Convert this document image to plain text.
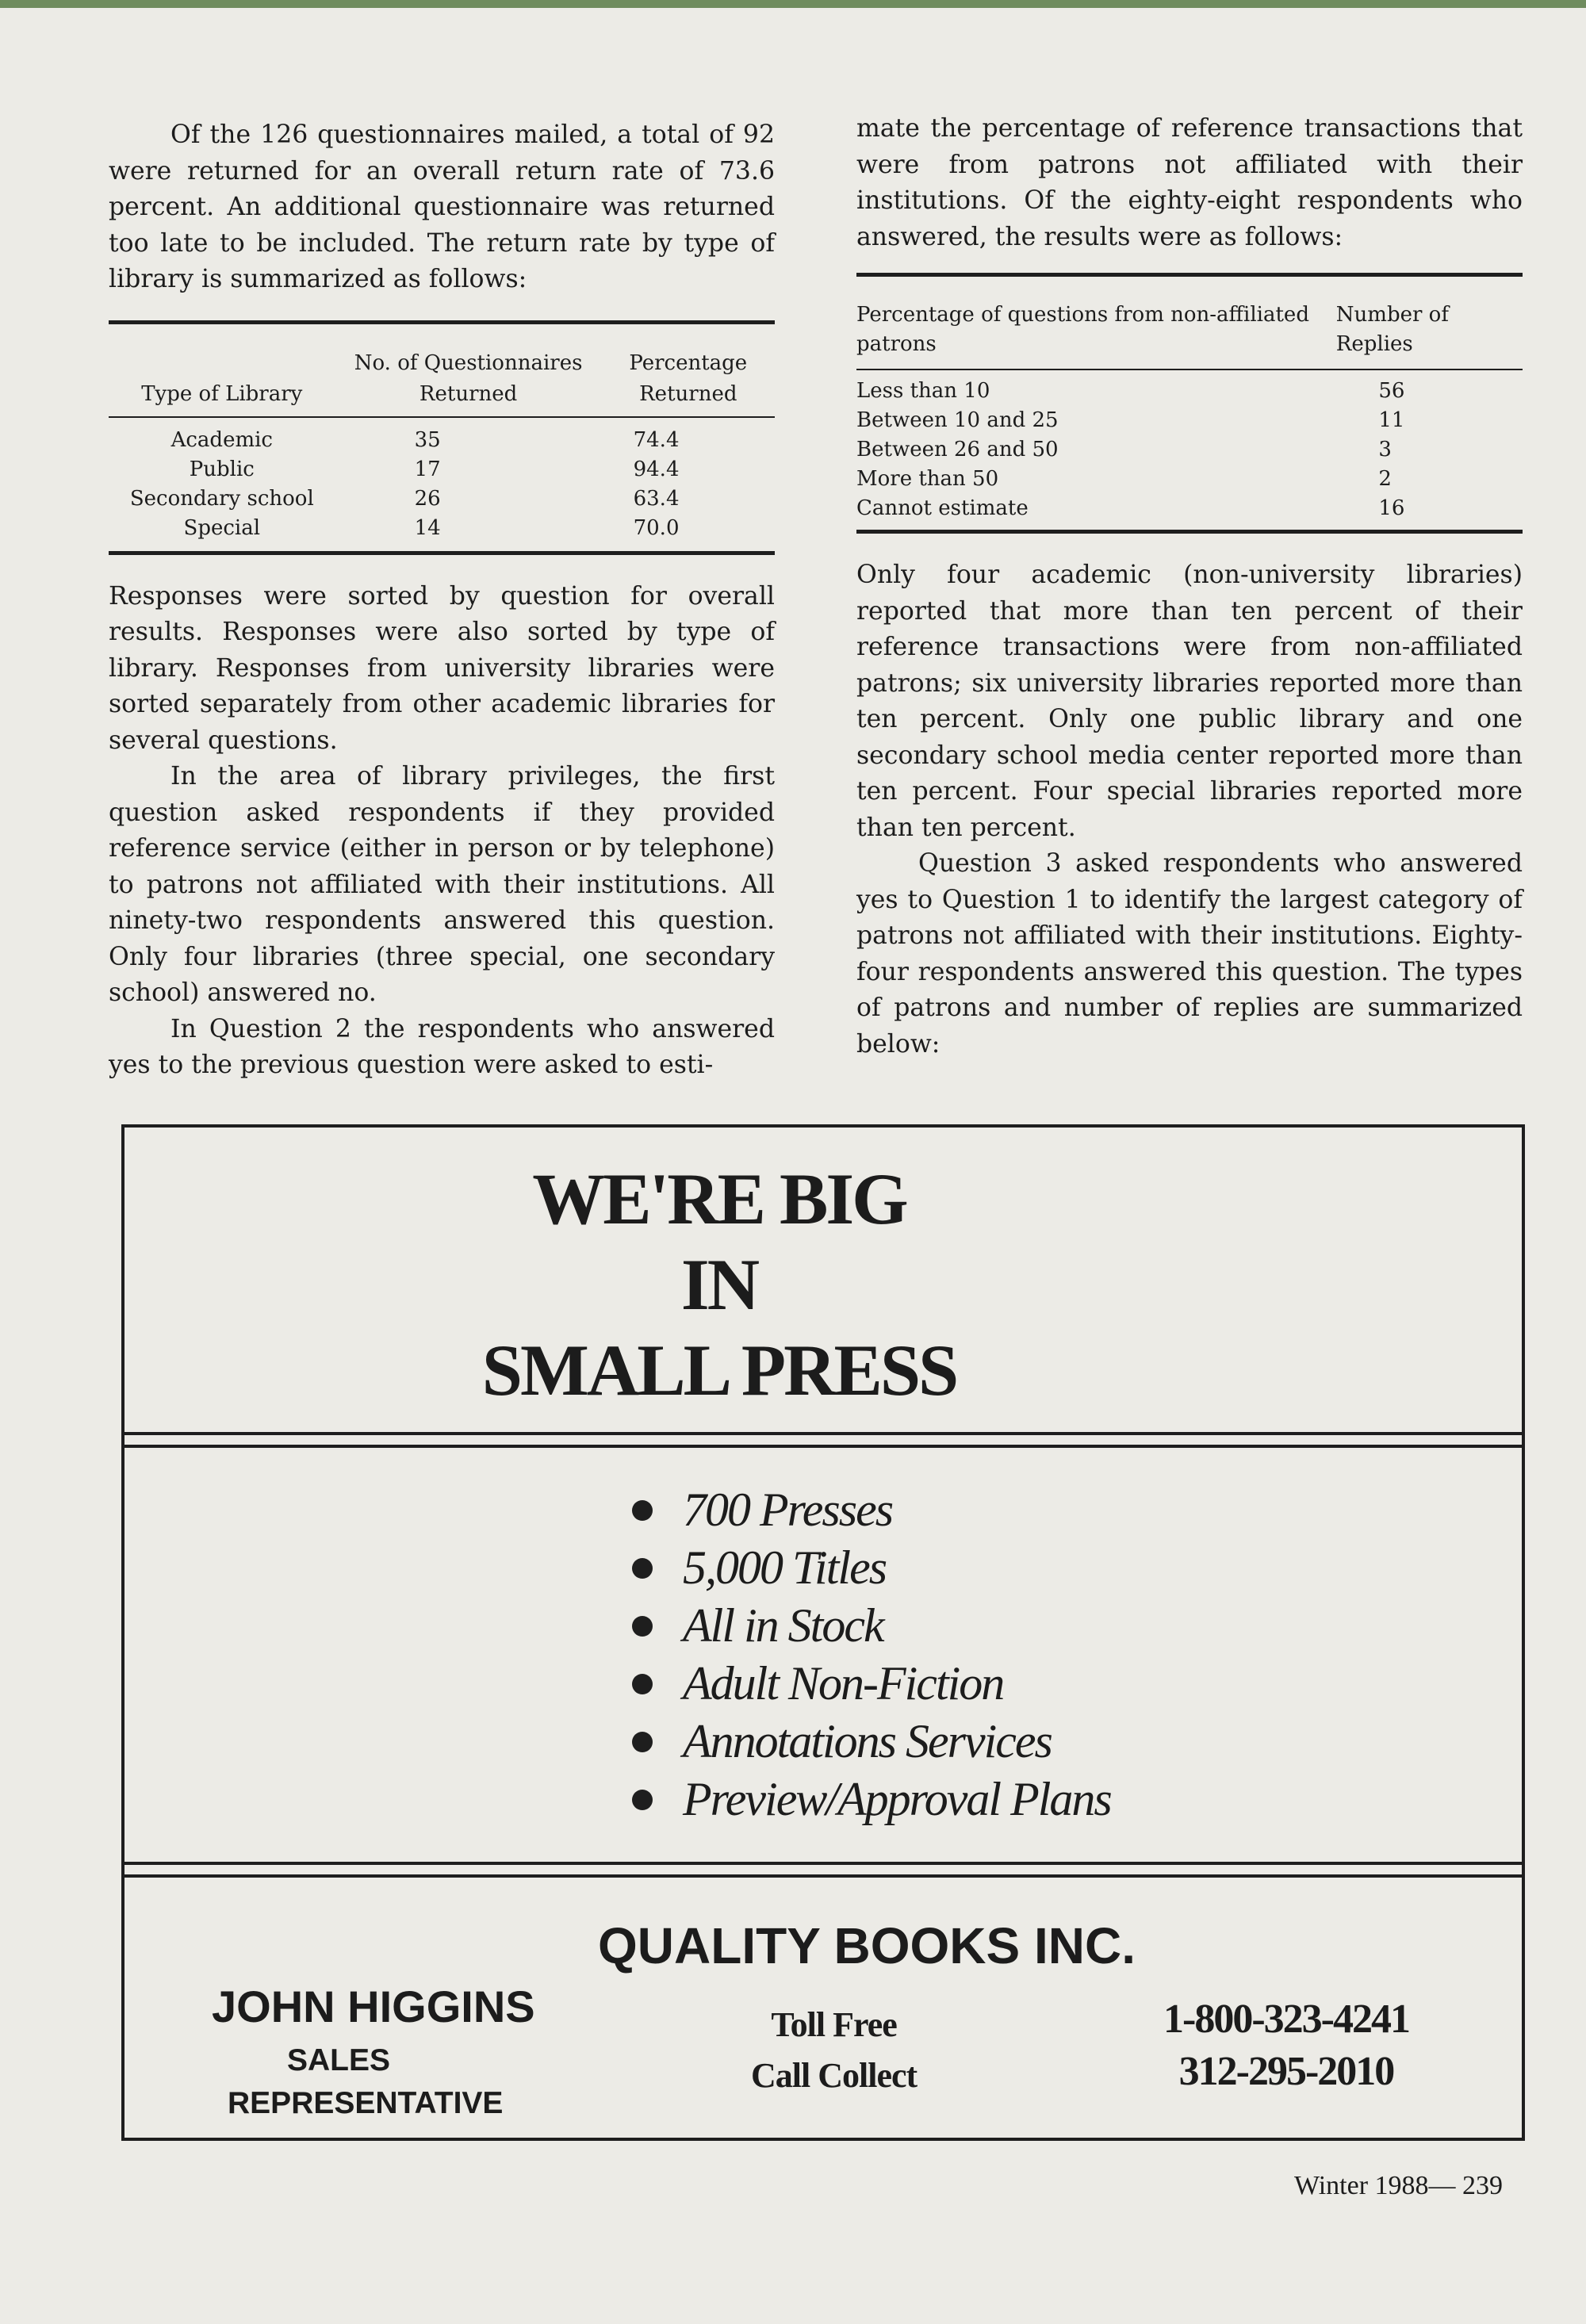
Of the 126 questionnaires mailed, a total of 92 were returned for an overall return rate of 73.6 percent. An additional questionnaire was returned too late to be included. The return rate by type of library is summarized as follows:

Type of Library	No. of Questionnaires Returned	Percentage Returned
Academic	35	74.4
Public	17	94.4
Secondary school	26	63.4
Special	14	70.0

Responses were sorted by question for overall results. Responses were also sorted by type of library. Responses from university libraries were sorted separately from other academic libraries for several questions.

In the area of library privileges, the first question asked respondents if they provided reference service (either in person or by telephone) to patrons not affiliated with their institutions. All ninety-two respondents answered this question. Only four libraries (three special, one secondary school) answered no.

In Question 2 the respondents who answered yes to the previous question were asked to esti-

mate the percentage of reference transactions that were from patrons not affiliated with their institutions. Of the eighty-eight respondents who answered, the results were as follows:

Percentage of questions from non-affiliated patrons	Number of Replies
Less than 10	56
Between 10 and 25	11
Between 26 and 50	3
More than 50	2
Cannot estimate	16

Only four academic (non-university libraries) reported that more than ten percent of their reference transactions were from non-affiliated patrons; six university libraries reported more than ten percent. Only one public library and one secondary school media center reported more than ten percent. Four special libraries reported more than ten percent.

Question 3 asked respondents who answered yes to Question 1 to identify the largest category of patrons not affiliated with their institutions. Eighty-four respondents answered this question. The types of patrons and number of replies are summarized below:

WE'RE BIG
IN
SMALL PRESS
700 Presses
5,000 Titles
All in Stock
Adult Non-Fiction
Annotations Services
Preview/Approval Plans
QUALITY BOOKS INC.
JOHN HIGGINS
SALES REPRESENTATIVE
Toll Free
Call Collect
1-800-323-4241
312-295-2010
Winter 1988— 239
